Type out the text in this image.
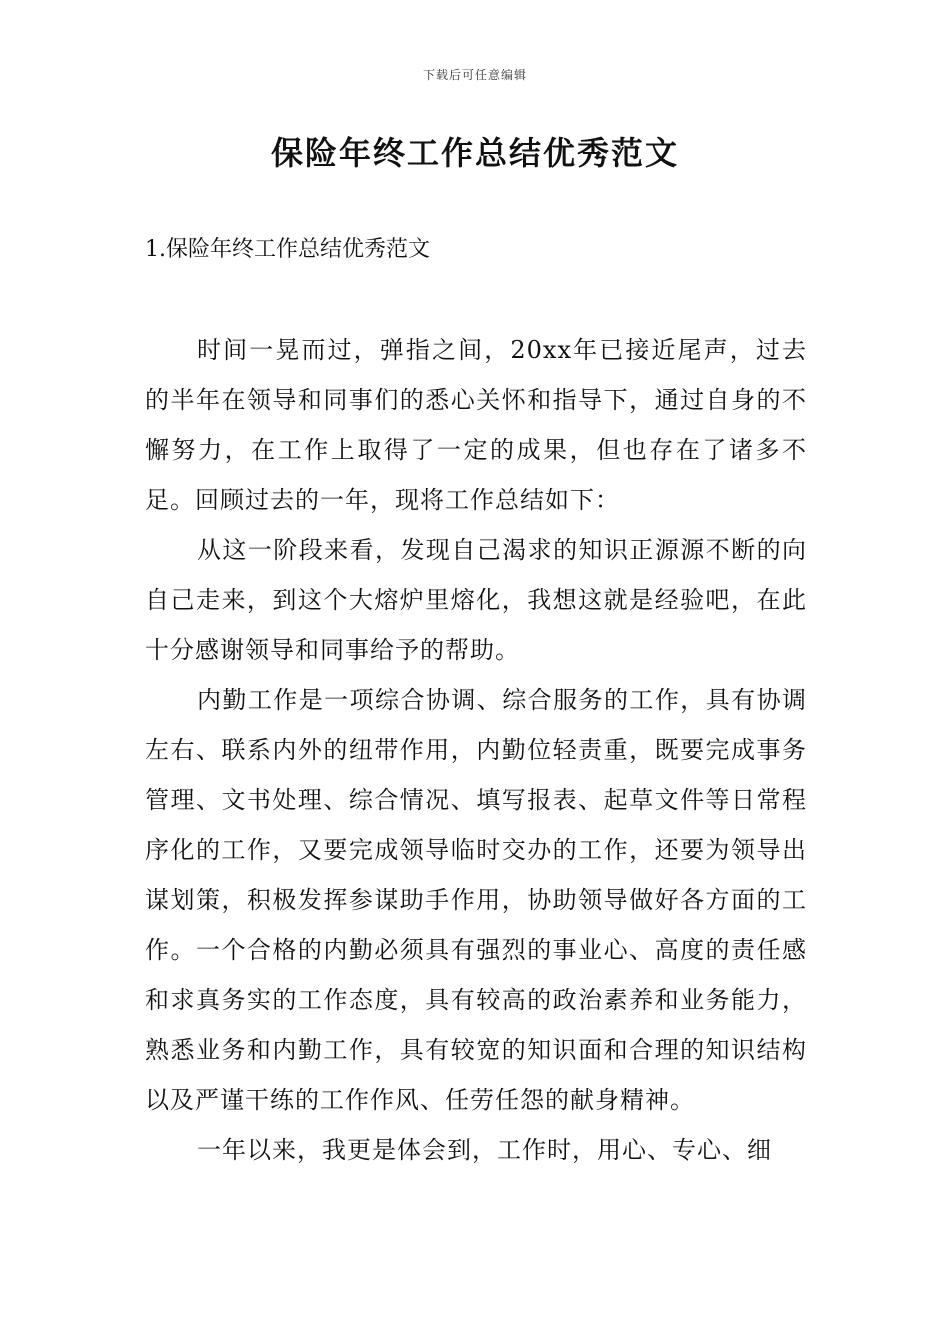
下载后可任意编辑
保险年终工作总结优秀范文
1.保险年终工作总结优秀范文

时间一晃而过，弹指之间，20xx年已接近尾声，过去的半年在领导和同事们的悉心关怀和指导下，通过自身的不懈努力，在工作上取得了一定的成果，但也存在了诸多不足。回顾过去的一年，现将工作总结如下：

从这一阶段来看，发现自己渴求的知识正源源不断的向自己走来，到这个大熔炉里熔化，我想这就是经验吧，在此十分感谢领导和同事给予的帮助。

内勤工作是一项综合协调、综合服务的工作，具有协调左右、联系内外的纽带作用，内勤位轻责重，既要完成事务管理、文书处理、综合情况、填写报表、起草文件等日常程序化的工作，又要完成领导临时交办的工作，还要为领导出谋划策，积极发挥参谋助手作用，协助领导做好各方面的工作。一个合格的内勤必须具有强烈的事业心、高度的责任感和求真务实的工作态度，具有较高的政治素养和业务能力，熟悉业务和内勤工作，具有较宽的知识面和合理的知识结构以及严谨干练的工作作风、任劳任怨的献身精神。

一年以来，我更是体会到，工作时，用心、专心、细
